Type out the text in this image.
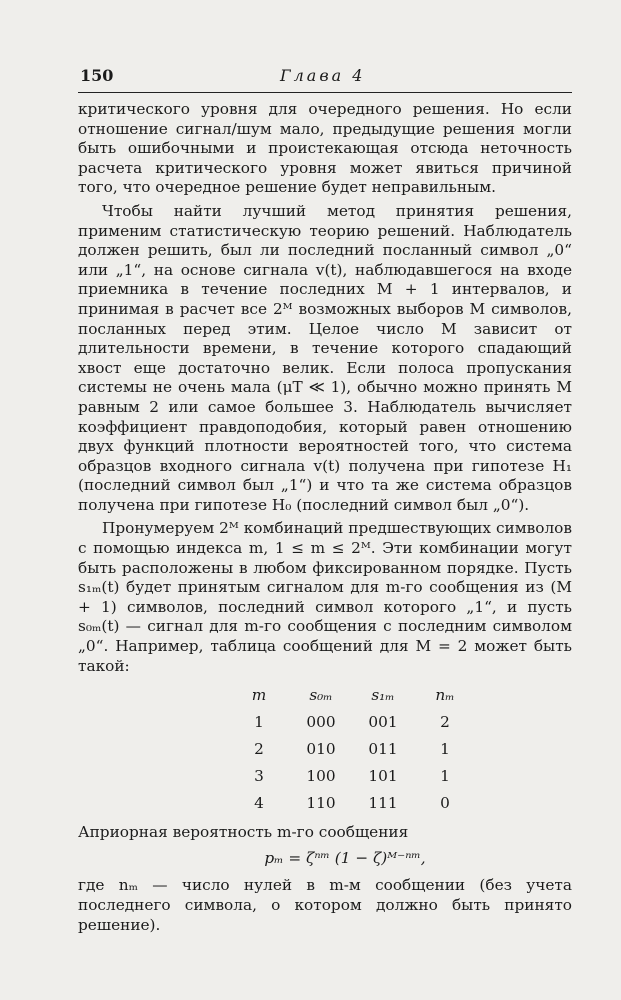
150	Глава 4

критического уровня для очередного решения. Но если отношение сигнал/шум мало, предыдущие решения могли быть ошибочными и проистекающая отсюда неточность расчета критического уровня может явиться причиной того, что очередное решение будет неправильным.

Чтобы найти лучший метод принятия решения, применим статистическую теорию решений. Наблюдатель должен решить, был ли последний посланный символ „0“ или „1“, на основе сигнала v(t), наблюдавшегося на входе приемника в течение последних M + 1 интервалов, и принимая в расчет все 2ᴹ возможных выборов M символов, посланных перед этим. Целое число M зависит от длительности времени, в течение которого спадающий хвост еще достаточно велик. Если полоса пропускания системы не очень мала (μT ≪ 1), обычно можно принять M равным 2 или самое большее 3. Наблюдатель вычисляет коэффициент правдоподобия, который равен отношению двух функций плотности вероятностей того, что система образцов входного сигнала v(t) получена при гипотезе H₁ (последний символ был „1“) и что та же система образцов получена при гипотезе H₀ (последний символ был „0“).

Пронумеруем 2ᴹ комбинаций предшествующих символов с помощью индекса m, 1 ≤ m ≤ 2ᴹ. Эти комбинации могут быть расположены в любом фиксированном порядке. Пусть s₁ₘ(t) будет принятым сигналом для m-го сообщения из (M + 1) символов, последний символ которого „1“, и пусть s₀ₘ(t) — сигнал для m-го сообщения с последним символом „0“. Например, таблица сообщений для M = 2 может быть такой:

m	s₀ₘ	s₁ₘ	nₘ
1	000	001	2
2	010	011	1
3	100	101	1
4	110	111	0

Априорная вероятность m-го сообщения

pₘ = ζⁿᵐ (1 − ζ)ᴹ⁻ⁿᵐ,

где nₘ — число нулей в m-м сообщении (без учета последнего символа, о котором должно быть принято решение).
